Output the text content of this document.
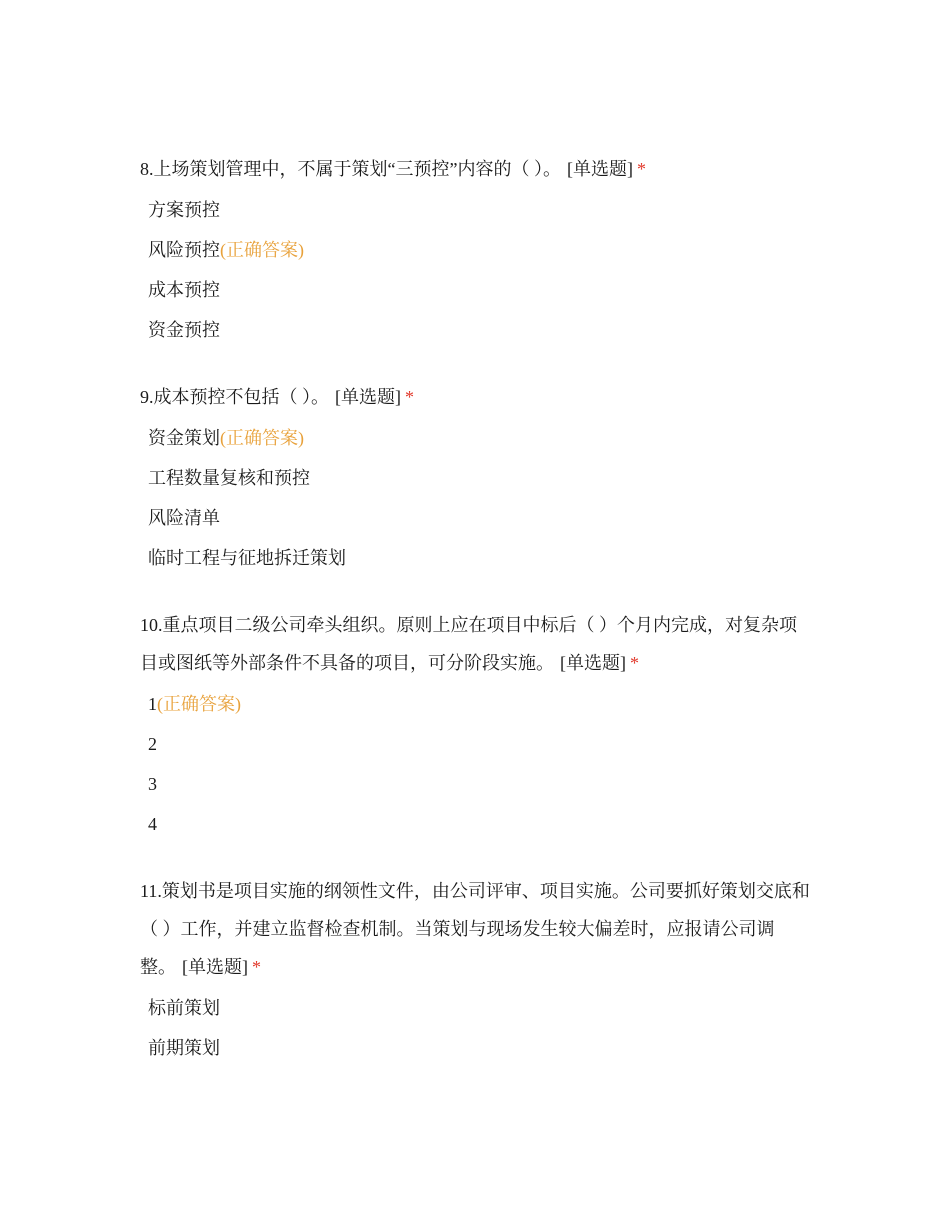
8.上场策划管理中，不属于策划“三预控”内容的（ ）。 [单选题] *

方案预控
风险预控(正确答案)
成本预控
资金预控

9.成本预控不包括（ ）。 [单选题] *

资金策划(正确答案)
工程数量复核和预控
风险清单
临时工程与征地拆迁策划

10.重点项目二级公司牵头组织。原则上应在项目中标后（ ）个月内完成，对复杂项目或图纸等外部条件不具备的项目，可分阶段实施。 [单选题] *

1(正确答案)
2
3
4

11.策划书是项目实施的纲领性文件，由公司评审、项目实施。公司要抓好策划交底和（ ）工作，并建立监督检查机制。当策划与现场发生较大偏差时，应报请公司调整。 [单选题] *

标前策划
前期策划
